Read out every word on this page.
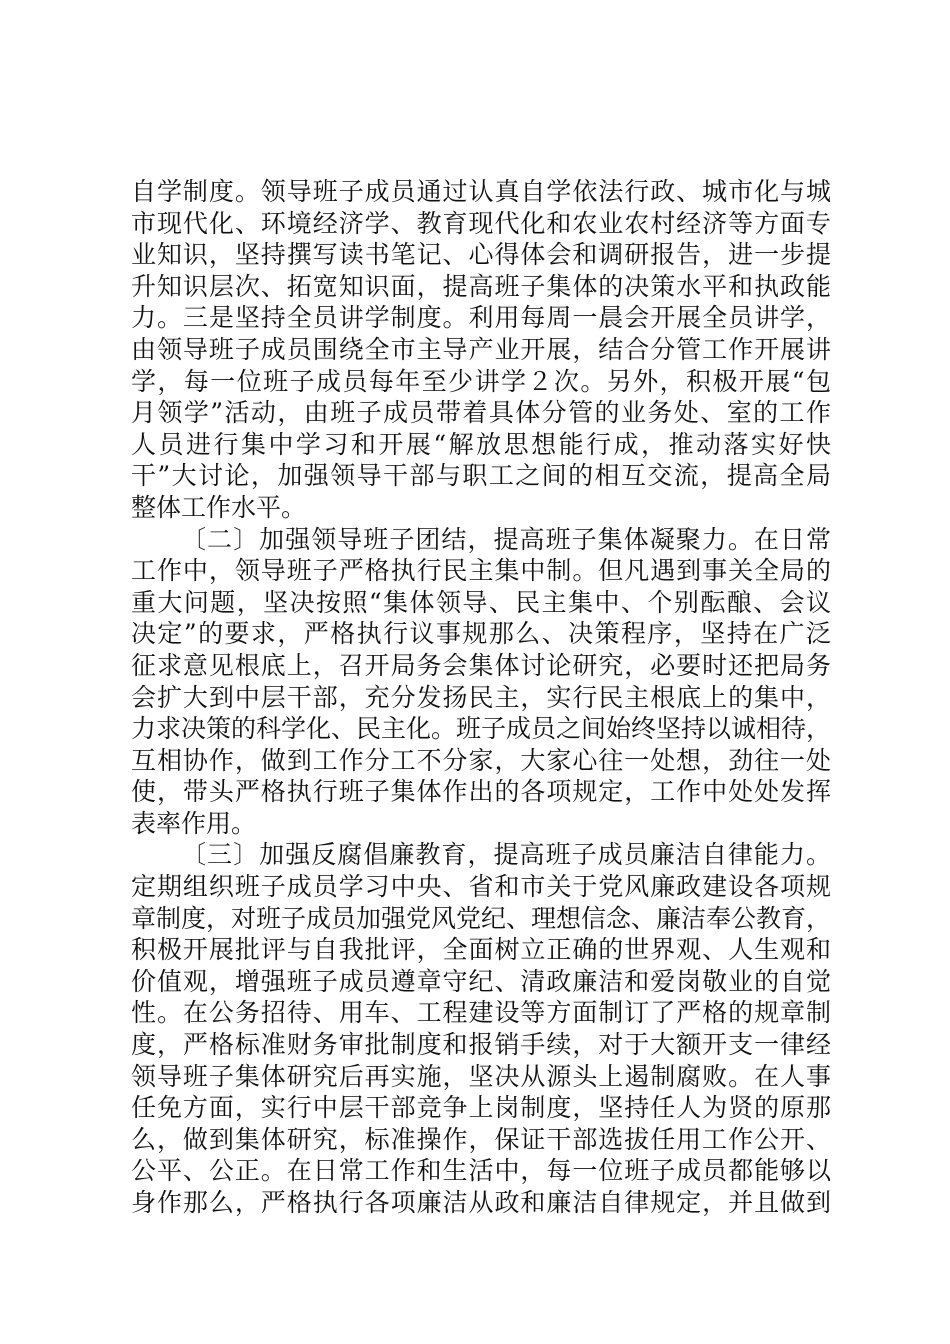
自学制度。领导班子成员通过认真自学依法行政、城市化与城
市现代化、环境经济学、教育现代化和农业农村经济等方面专
业知识，坚持撰写读书笔记、心得体会和调研报告，进一步提
升知识层次、拓宽知识面，提高班子集体的决策水平和执政能
力。三是坚持全员讲学制度。利用每周一晨会开展全员讲学，
由领导班子成员围绕全市主导产业开展，结合分管工作开展讲
学，每一位班子成员每年至少讲学２次。另外，积极开展“包
月领学”活动，由班子成员带着具体分管的业务处、室的工作
人员进行集中学习和开展“解放思想能行成，推动落实好快
干”大讨论，加强领导干部与职工之间的相互交流，提高全局
整体工作水平。
〔二〕加强领导班子团结，提高班子集体凝聚力。在日常
工作中，领导班子严格执行民主集中制。但凡遇到事关全局的
重大问题，坚决按照“集体领导、民主集中、个别酝酿、会议
决定”的要求，严格执行议事规那么、决策程序，坚持在广泛
征求意见根底上，召开局务会集体讨论研究，必要时还把局务
会扩大到中层干部，充分发扬民主，实行民主根底上的集中，
力求决策的科学化、民主化。班子成员之间始终坚持以诚相待，
互相协作，做到工作分工不分家，大家心往一处想，劲往一处
使，带头严格执行班子集体作出的各项规定，工作中处处发挥
表率作用。
〔三〕加强反腐倡廉教育，提高班子成员廉洁自律能力。
定期组织班子成员学习中央、省和市关于党风廉政建设各项规
章制度，对班子成员加强党风党纪、理想信念、廉洁奉公教育，
积极开展批评与自我批评，全面树立正确的世界观、人生观和
价值观，增强班子成员遵章守纪、清政廉洁和爱岗敬业的自觉
性。在公务招待、用车、工程建设等方面制订了严格的规章制
度，严格标准财务审批制度和报销手续，对于大额开支一律经
领导班子集体研究后再实施，坚决从源头上遏制腐败。在人事
任免方面，实行中层干部竞争上岗制度，坚持任人为贤的原那
么，做到集体研究，标准操作，保证干部选拔任用工作公开、
公平、公正。在日常工作和生活中，每一位班子成员都能够以
身作那么，严格执行各项廉洁从政和廉洁自律规定，并且做到
